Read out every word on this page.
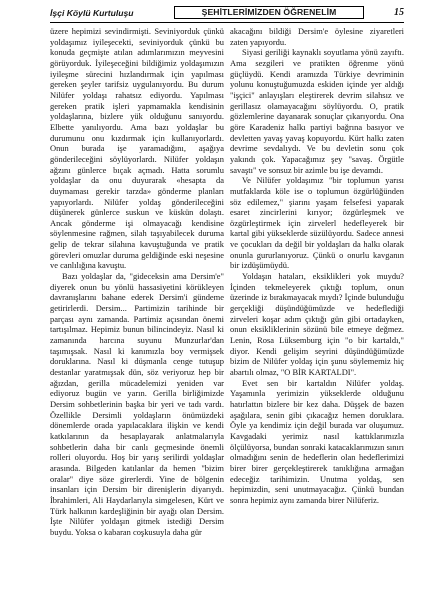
İşçi Köylü Kurtuluşu	ŞEHİTLERİMİZDEN ÖĞRENELİM	15

üzere hepimizi sevindirmişti. Seviniyorduk çünkü yoldaşımız iyileşecekti, seviniyorduk çünkü bu konuda geçmişte atılan adımlarımızın meyvesini görüyorduk. İyileşeceğini bildiğimiz yoldaşımızın iyileşme sürecini hızlandırmak için yapılması gereken şeyler tarifsiz uygulanıyordu. Bu durum Nilüfer yoldaşı rahatsız ediyordu. Yapılması gereken pratik işleri yapmamakla kendisinin yoldaşlarına, bizlere yük olduğunu sanıyordu. Elbette yanılıyordu. Ama bazı yoldaşlar bu durumunu onu kızdırmak için kullanıyorlardı. Onun burada işe yaramadığını, aşağıya gönderileceğini söylüyorlardı. Nilüfer yoldaşın ağzını günlerce bıçak açmadı. Hatta sorumlu yoldaşlar da onu duyurarak «hesapta da duymaması gerekir tarzda» gönderme planları yapıyorlardı. Nilüfer yoldaş gönderileceğini düşünerek günlerce suskun ve küskün dolaştı. Ancak gönderme işi olmayacağı kendisine söylenmesine rağmen, silah taşıyabilecek duruma gelip de tekrar silahına kavuştuğunda ve pratik görevleri omuzlar duruma geldiğinde eski neşesine ve canlılığına kavuştu.

Bazı yoldaşlar da, "gideceksin ama Dersim'e" diyerek onun bu yönlü hassasiyetini körükleyen davranışlarını bahane ederek Dersim'i gündeme getirirlerdi. Dersim... Partimizin tarihinde bir parçası aynı zamanda. Partimiz açısından önemi tartışılmaz. Hepimiz bunun bilincindeyiz. Nasıl ki zamanında harcına suyunu Munzurlar'dan taşımışsak. Nasıl ki kanımızla boy vermişsek doruklarına. Nasıl ki düşmanla cenge tutuşup destanlar yaratmışsak dün, söz veriyoruz hep bir ağızdan, gerilla mücadelemizi yeniden var ediyoruz bugün ve yarın. Gerilla birliğimizde Dersim sohbetlerinin başka bir yeri ve tadı vardı. Özellikle Dersimli yoldaşların önümüzdeki dönemlerde orada yapılacaklara ilişkin ve kendi katkılarının da hesaplayarak anlatmalarıyla sohbetlerin daha bir canlı geçmesinde önemli rolleri oluyordu. Hoş bir yarış serilirdi yoldaşlar arasında. Bilgeden katılanlar da hemen "bizim oralar" diye söze girerlerdi. Yine de bölgenin insanları için Dersim bir direnişlerin diyarıydı. İbrahimleri, Ali Haydarlarıyla simgelesen, Kürt ve Türk halkının kardeşliğinin bir ayağı olan Dersim. İşte Nilüfer yoldaşın gitmek istediği Dersim buydu. Yoksa o kabaran coşkusuyla daha gür

akacağını bildiği Dersim'e öylesine ziyaretleri zaten yapıyordu.

Siyasi geriliği kaynaklı soyutlama yönü zayıftı. Ama sezgileri ve pratikten öğrenme yönü güçlüydü. Kendi aramızda Türkiye devriminin yolunu konuştuğumuzda eskiden içinde yer aldığı "işçici" anlayışları eleştirerek devrim silahsız ve gerillasız olamayacağını söylüyordu. O, pratik gözlemlerine dayanarak sonuçlar çıkarıyordu. Ona göre Karadeniz halkı partiyi bağrına basıyor ve devletten yavaş yavaş kopuyordu. Kürt halkı zaten devrime sevdalıydı. Ve bu devletin sonu çok yakındı çok. Yapacağımız şey "savaş. Örgütle savaştı" ve sonsuz bir azimle bu işe devamdı.

Ve Nilüfer yoldaşımız "bir toplumun yarısı mutfaklarda köle ise o toplumun özgürlüğünden söz edilemez," şiarını yaşam felsefesi yaparak esaret zincirlerini kırıyor; özgürleşmek ve özgürleştirmek için zirvelerl hedefleyerek bir kartal gibi yükseklerde süzülüyordu. Sadece annesi ve çocukları da değil bir yoldaşları da halkı olarak onunla gururlanıyoruz. Çünkü o onurlu kavganın bir izdüşümüydü.

Yoldaşın hataları, eksiklikleri yok muydu? İçinden tekmeleyerek çıktığı toplum, onun üzerinde iz bırakmayacak mıydı? İçinde bulunduğu gerçekliği düşündüğümüzde ve hedeflediği zirveleri koşar adım çıktığı gün gibi ortadayken, onun eksikliklerinin sözünü bile etmeye değmez. Lenin, Rosa Lüksemburg için "o bir kartaldı," diyor. Kendi gelişim seyrini düşündüğümüzde bizim de Nilüfer yoldaş için şunu söylememiz hiç abartılı olmaz, "O BİR KARTALDI".

Evet sen bir kartaldın Nilüfer yoldaş. Yaşamınla yerimizin yükseklerde olduğunu hatırlattın bizlere bir kez daha. Düşşek de bazen aşağılara, senin gibi çıkacağız hemen doruklara. Öyle ya kendimiz için değil burada var oluşumuz. Kavgadaki yerimiz nasıl kattıklarımızla ölçülüyorsa, bundan sonraki katacaklarımızın sınırı olmadığını senin de hedeflerin olan hedeflerimizi birer birer gerçekleştirerek tanıklığına armağan edeceğiz tarihimizin. Unutma yoldaş, sen hepimizdin, seni unutmayacağız. Çünkü bundan sonra hepimiz aynı zamanda birer Nilüferiz.
